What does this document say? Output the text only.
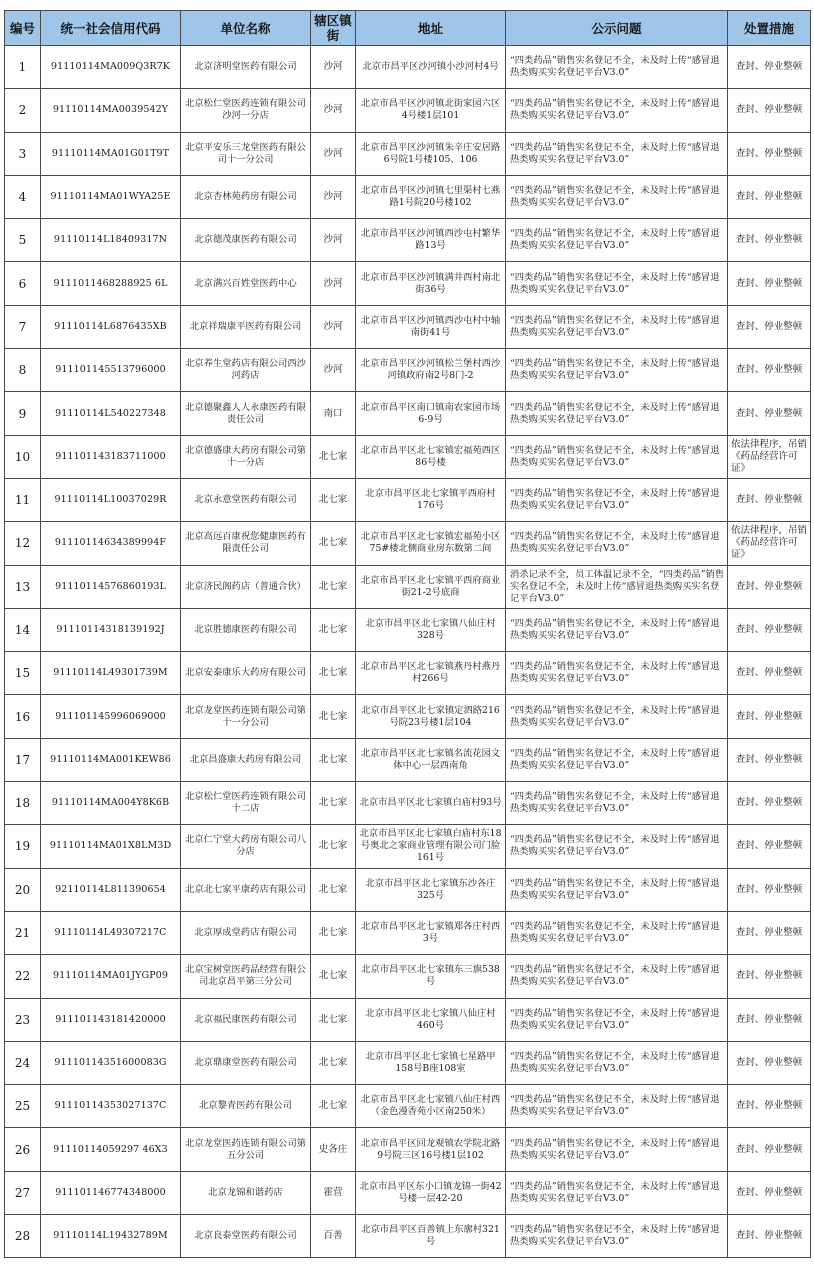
编号	统一社会信用代码	单位名称	辖区镇街	地址	公示问题	处置措施
1	91110114MA009Q3R7K	北京济明堂医药有限公司	沙河	北京市昌平区沙河镇小沙河村4号	“四类药品”销售实名登记不全，未及时上传“感冒退热类购买实名登记平台V3.0”	查封、停业整顿
2	91110114MA0039542Y	北京松仁堂医药连锁有限公司沙河一分店	沙河	北京市昌平区沙河镇北街家园六区4号楼1层101	“四类药品”销售实名登记不全，未及时上传“感冒退热类购买实名登记平台V3.0”	查封、停业整顿
3	91110114MA01G01T9T	北京平安乐三龙堂医药有限公司十一分公司	沙河	北京市昌平区沙河镇朱辛庄安居路6号院1号楼105、106	“四类药品”销售实名登记不全，未及时上传“感冒退热类购买实名登记平台V3.0”	查封、停业整顿
4	91110114MA01WYA25E	北京杏林苑药房有限公司	沙河	北京市昌平区沙河镇七里渠村七燕路1号院20号楼102	“四类药品”销售实名登记不全，未及时上传“感冒退热类购买实名登记平台V3.0”	查封、停业整顿
5	91110114L18409317N	北京德茂康医药有限公司	沙河	北京市昌平区沙河镇西沙屯村繁华路13号	“四类药品”销售实名登记不全，未及时上传“感冒退热类购买实名登记平台V3.0”	查封、停业整顿
6	9111011468288925 6L	北京满兴百姓堂医药中心	沙河	北京市昌平区沙河镇满井西村南北街36号	“四类药品”销售实名登记不全，未及时上传“感冒退热类购买实名登记平台V3.0”	查封、停业整顿
7	91110114L6876435XB	北京祥瑞康平医药有限公司	沙河	北京市昌平区沙河镇西沙屯村中轴南街41号	“四类药品”销售实名登记不全，未及时上传“感冒退热类购买实名登记平台V3.0”	查封、停业整顿
8	911101145513796000	北京养生堂药店有限公司西沙河药店	沙河	北京市昌平区沙河镇松兰堡村西沙河镇政府南2号8门-2	“四类药品”销售实名登记不全，未及时上传“感冒退热类购买实名登记平台V3.0”	查封、停业整顿
9	91110114L540227348	北京德聚鑫人人永康医药有限责任公司	南口	北京市昌平区南口镇南农家园市场6-9号	“四类药品”销售实名登记不全，未及时上传“感冒退热类购买实名登记平台V3.0”	查封、停业整顿
10	911101143183711000	北京德盛康大药房有限公司第十一分店	北七家	北京市昌平区北七家镇宏福苑西区86号楼	“四类药品”销售实名登记不全，未及时上传“感冒退热类购买实名登记平台V3.0”	依法律程序，吊销《药品经营许可证》
11	91110114L10037029R	北京永意堂医药有限公司	北七家	北京市昌平区北七家镇平西府村176号	“四类药品”销售实名登记不全，未及时上传“感冒退热类购买实名登记平台V3.0”	查封、停业整顿
12	91110114634389994F	北京高远百康祝您健康医药有限责任公司	北七家	北京市昌平区北七家镇宏福苑小区75#楼北侧商业房东数第二间	“四类药品”销售实名登记不全，未及时上传“感冒退热类购买实名登记平台V3.0”	依法律程序，吊销《药品经营许可证》
13	91110114576860193L	北京济民阁药店（普通合伙）	北七家	北京市昌平区北七家镇平西府商业街21-2号底商	消杀记录不全，员工体温记录不全，“四类药品”销售实名登记不全，未及时上传“感冒退热类购买实名登记平台V3.0”	查封、停业整顿
14	91110114318139192J	北京胜德康医药有限公司	北七家	北京市昌平区北七家镇八仙庄村328号	“四类药品”销售实名登记不全，未及时上传“感冒退热类购买实名登记平台V3.0”	查封、停业整顿
15	91110114L49301739M	北京安泰康乐大药房有限公司	北七家	北京市昌平区北七家镇燕丹村燕丹村266号	“四类药品”销售实名登记不全，未及时上传“感冒退热类购买实名登记平台V3.0”	查封、停业整顿
16	911101145996069000	北京龙堂医药连锁有限公司第十一分公司	北七家	北京市昌平区北七家镇定泗路216号院23号楼1层104	“四类药品”销售实名登记不全，未及时上传“感冒退热类购买实名登记平台V3.0”	查封、停业整顿
17	91110114MA001KEW86	北京昌盛康大药房有限公司	北七家	北京市昌平区北七家镇名流花园文体中心一层西南角	“四类药品”销售实名登记不全，未及时上传“感冒退热类购买实名登记平台V3.0”	查封、停业整顿
18	91110114MA004Y8K6B	北京松仁堂医药连锁有限公司十二店	北七家	北京市昌平区北七家镇白庙村93号	“四类药品”销售实名登记不全，未及时上传“感冒退热类购买实名登记平台V3.0”	查封、停业整顿
19	91110114MA01X8LM3D	北京仁宁堂大药房有限公司八分店	北七家	北京市昌平区北七家镇白庙村东18号奥北之家商业管理有限公司门脸161号	“四类药品”销售实名登记不全，未及时上传“感冒退热类购买实名登记平台V3.0”	查封、停业整顿
20	92110114L811390654	北京北七家平康药店有限公司	北七家	北京市昌平区北七家镇东沙各庄325号	“四类药品”销售实名登记不全，未及时上传“感冒退热类购买实名登记平台V3.0”	查封、停业整顿
21	91110114L49307217C	北京厚成堂药店有限公司	北七家	北京市昌平区北七家镇郑各庄村西3号	“四类药品”销售实名登记不全，未及时上传“感冒退热类购买实名登记平台V3.0”	查封、停业整顿
22	91110114MA01JYGP09	北京宝树堂医药品经营有限公司北京昌平第三分公司	北七家	北京市昌平区北七家镇东三旗538号	“四类药品”销售实名登记不全，未及时上传“感冒退热类购买实名登记平台V3.0”	查封、停业整顿
23	911101143181420000	北京福民康医药有限公司	北七家	北京市昌平区北七家镇八仙庄村460号	“四类药品”销售实名登记不全，未及时上传“感冒退热类购买实名登记平台V3.0”	查封、停业整顿
24	91110114351600083G	北京鼎康堂医药有限公司	北七家	北京市昌平区北七家镇七星路甲158号B座108室	“四类药品”销售实名登记不全，未及时上传“感冒退热类购买实名登记平台V3.0”	查封、停业整顿
25	91110114353027137C	北京黎青医药有限公司	北七家	北京市昌平区北七家镇八仙庄村西（金色漫香苑小区南250米）	“四类药品”销售实名登记不全，未及时上传“感冒退热类购买实名登记平台V3.0”	查封、停业整顿
26	91110114059297 46X3	北京龙堂医药连锁有限公司第五分公司	史各庄	北京市昌平区回龙观镇农学院北路9号院三区16号楼1层102	“四类药品”销售实名登记不全，未及时上传“感冒退热类购买实名登记平台V3.0”	查封、停业整顿
27	911101146774348000	北京龙锦和谐药店	霍营	北京市昌平区东小口镇龙锦一街42号楼一层42-20	“四类药品”销售实名登记不全，未及时上传“感冒退热类购买实名登记平台V3.0”	查封、停业整顿
28	91110114L19432789M	北京良泰堂医药有限公司	百善	北京市昌平区百善镇上东廓村321号	“四类药品”销售实名登记不全，未及时上传“感冒退热类购买实名登记平台V3.0”	查封、停业整顿
